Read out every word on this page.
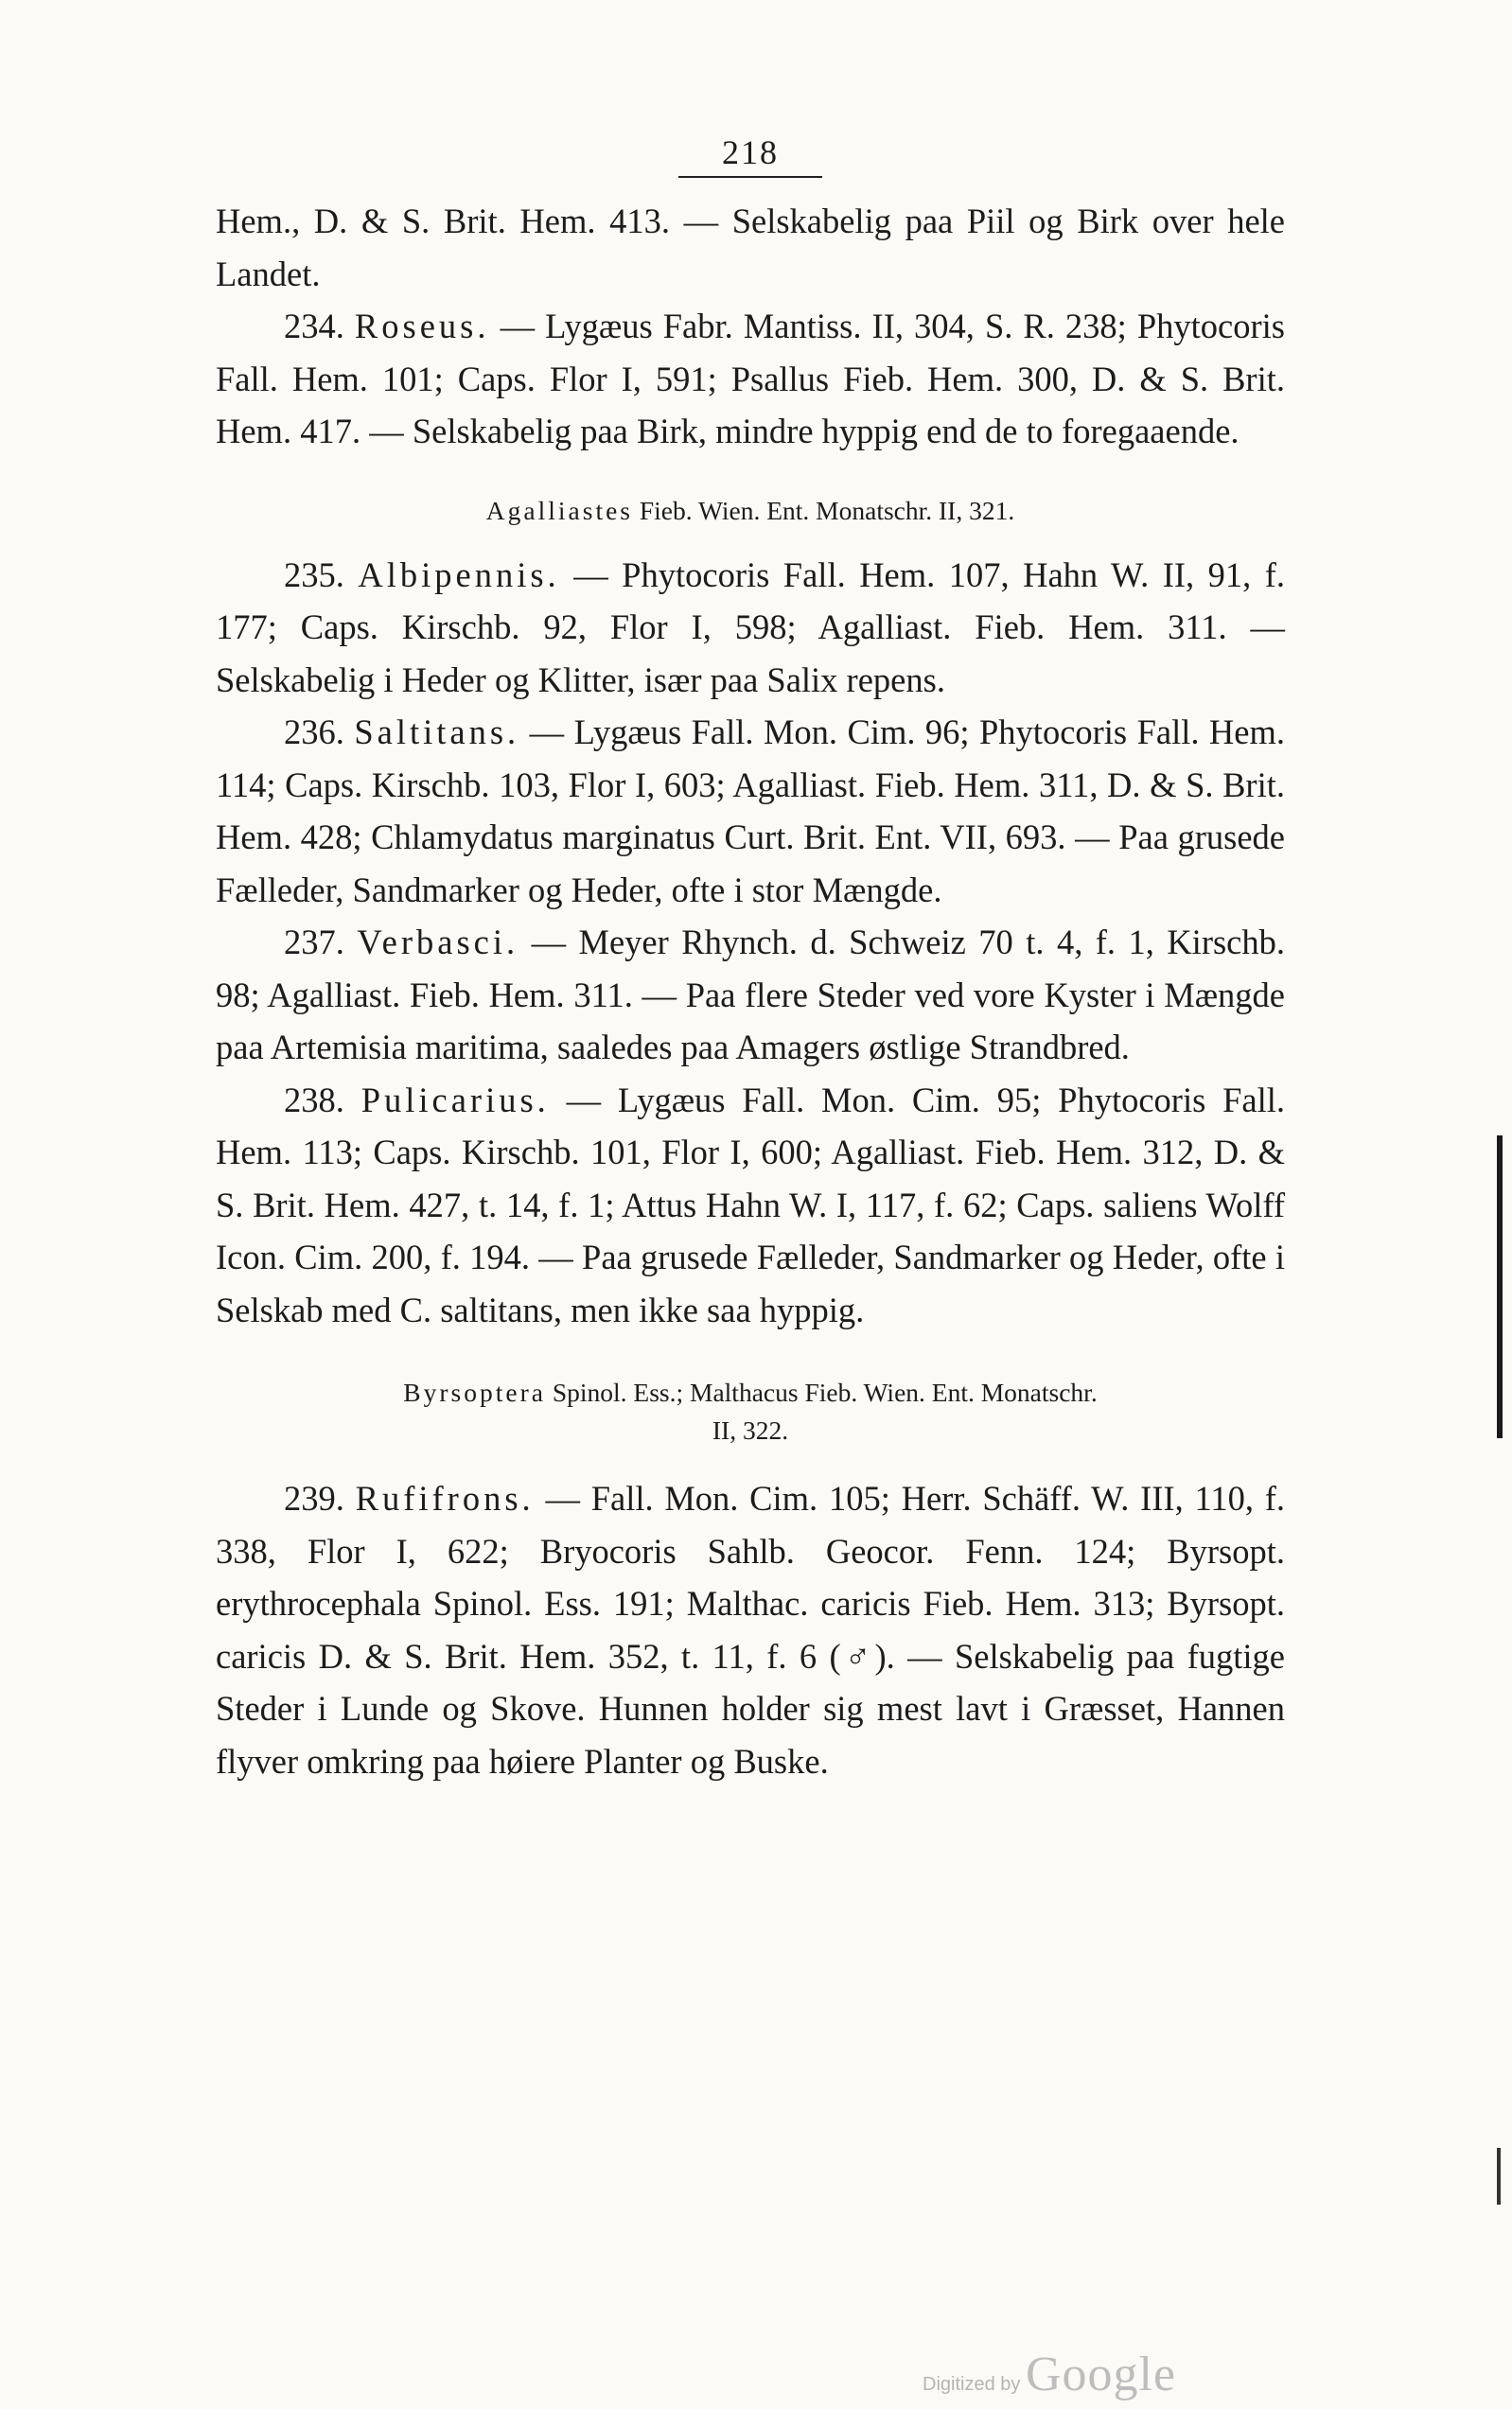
218

Hem., D. & S. Brit. Hem. 413. — Selskabelig paa Piil og Birk over hele Landet.

234. Roseus. — Lygæus Fabr. Mantiss. II, 304, S. R. 238; Phytocoris Fall. Hem. 101; Caps. Flor I, 591; Psallus Fieb. Hem. 300, D. & S. Brit. Hem. 417. — Selskabelig paa Birk, mindre hyppig end de to foregaaende.

Agalliastes Fieb. Wien. Ent. Monatschr. II, 321.

235. Albipennis. — Phytocoris Fall. Hem. 107, Hahn W. II, 91, f. 177; Caps. Kirschb. 92, Flor I, 598; Agalliast. Fieb. Hem. 311. — Selskabelig i Heder og Klitter, især paa Salix repens.

236. Saltitans. — Lygæus Fall. Mon. Cim. 96; Phytocoris Fall. Hem. 114; Caps. Kirschb. 103, Flor I, 603; Agalliast. Fieb. Hem. 311, D. & S. Brit. Hem. 428; Chlamydatus marginatus Curt. Brit. Ent. VII, 693. — Paa grusede Fælleder, Sandmarker og Heder, ofte i stor Mængde.

237. Verbasci. — Meyer Rhynch. d. Schweiz 70 t. 4, f. 1, Kirschb. 98; Agalliast. Fieb. Hem. 311. — Paa flere Steder ved vore Kyster i Mængde paa Artemisia maritima, saaledes paa Amagers østlige Strandbred.

238. Pulicarius. — Lygæus Fall. Mon. Cim. 95; Phytocoris Fall. Hem. 113; Caps. Kirschb. 101, Flor I, 600; Agalliast. Fieb. Hem. 312, D. & S. Brit. Hem. 427, t. 14, f. 1; Attus Hahn W. I, 117, f. 62; Caps. saliens Wolff Icon. Cim. 200, f. 194. — Paa grusede Fælleder, Sandmarker og Heder, ofte i Selskab med C. saltitans, men ikke saa hyppig.

Byrsoptera Spinol. Ess.; Malthacus Fieb. Wien. Ent. Monatschr.

II, 322.

239. Rufifrons. — Fall. Mon. Cim. 105; Herr. Schäff. W. III, 110, f. 338, Flor I, 622; Bryocoris Sahlb. Geocor. Fenn. 124; Byrsopt. erythrocephala Spinol. Ess. 191; Malthac. caricis Fieb. Hem. 313; Byrsopt. caricis D. & S. Brit. Hem. 352, t. 11, f. 6 (♂). — Selskabelig paa fugtige Steder i Lunde og Skove. Hunnen holder sig mest lavt i Græsset, Hannen flyver omkring paa høiere Planter og Buske.

Digitized by Google
